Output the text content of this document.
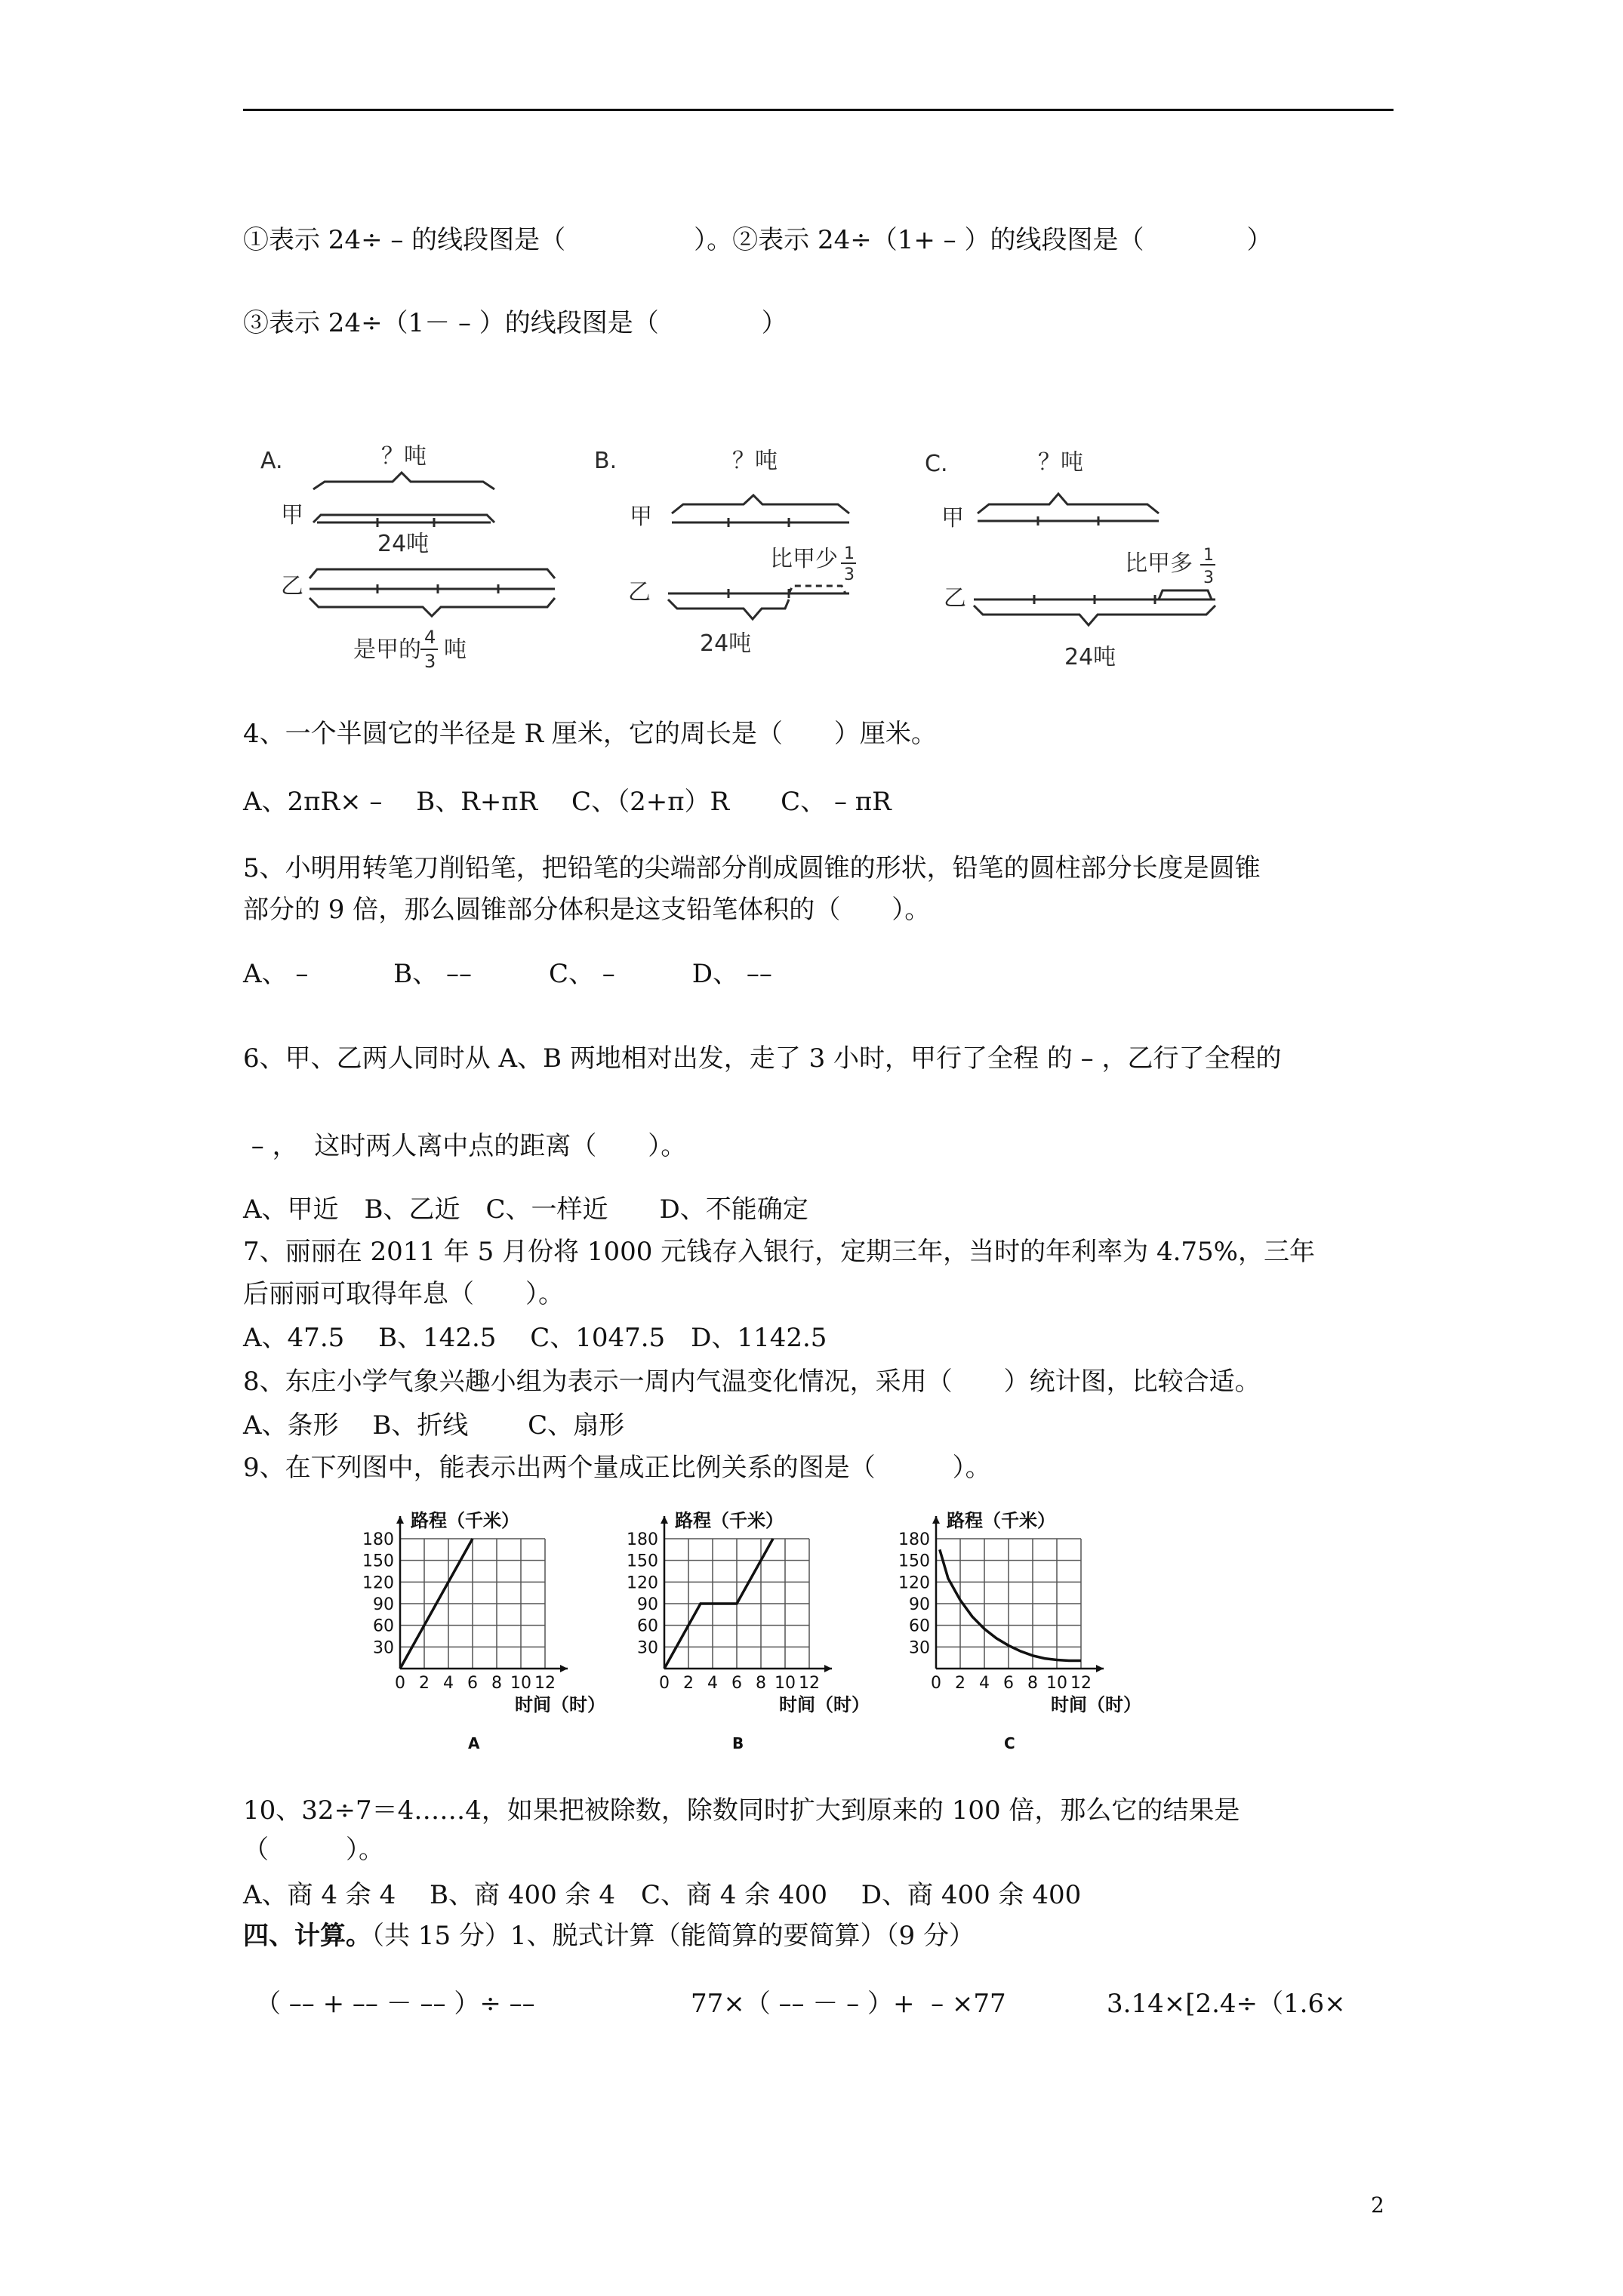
①表示 24÷ – 的线段图是（　　　　　）。②表示 24÷（1+ – ）的线段图是（　　　　）
③表示 24÷（1－ – ）的线段图是（　　　　）
A.	？吨
甲
24吨
乙
是甲的 4
3 吨
B.	？吨
甲
比甲少 1
3
乙
24吨
C.	？吨
甲
比甲多 1
3
乙
24吨
4、一个半圆它的半径是 R 厘米，它的周长是（　　）厘米。
A、2πR× –　 B、R+πR　 C、（2+π）R　　C、 – πR
5、小明用转笔刀削铅笔，把铅笔的尖端部分削成圆锥的形状，铅笔的圆柱部分长度是圆锥
部分的 9 倍，那么圆锥部分体积是这支铅笔体积的（　　）。
A、 –　　　 B、 ––　　　C、 –　　　D、 ––
6、甲、乙两人同时从 A、B 两地相对出发，走了 3 小时，甲行了全程 的 – ，乙行了全程的
– ，  这时两人离中点的距离（　　）。
A、甲近　B、乙近　C、一样近　　D、不能确定
7、丽丽在 2011 年 5 月份将 1000 元钱存入银行，定期三年，当时的年利率为 4.75%，三年
后丽丽可取得年息（　　）。
A、47.5　 B、142.5　 C、1047.5　D、1142.5
8、东庄小学气象兴趣小组为表示一周内气温变化情况，采用（　　）统计图，比较合适。
A、条形　 B、折线　　 C、扇形
9、在下列图中，能表示出两个量成正比例关系的图是（　　　）。
0 2 4 6 8 10 12
30
60
90
120
150
180
路程（千米）
时间（时）
A
0 2 4 6 8 10 12
30
60
90
120
150
180
路程（千米）
时间（时）
B
0 2 4 6 8 10 12
30
60
90
120
150
180
路程（千米）
时间（时）
C
10、32÷7＝4……4，如果把被除数，除数同时扩大到原来的 100 倍，那么它的结果是
（　　　）。
A、商 4 余 4　 B、商 400 余 4　C、商 4 余 400　 D、商 400 余 400
四、计算。（共 15 分）1、脱式计算（能简算的要简算）（9 分）
（ –– + –– － –– ）÷ ––	77×（ –– － – ）+  – ×77	3.14×[2.4÷（1.6×
2
